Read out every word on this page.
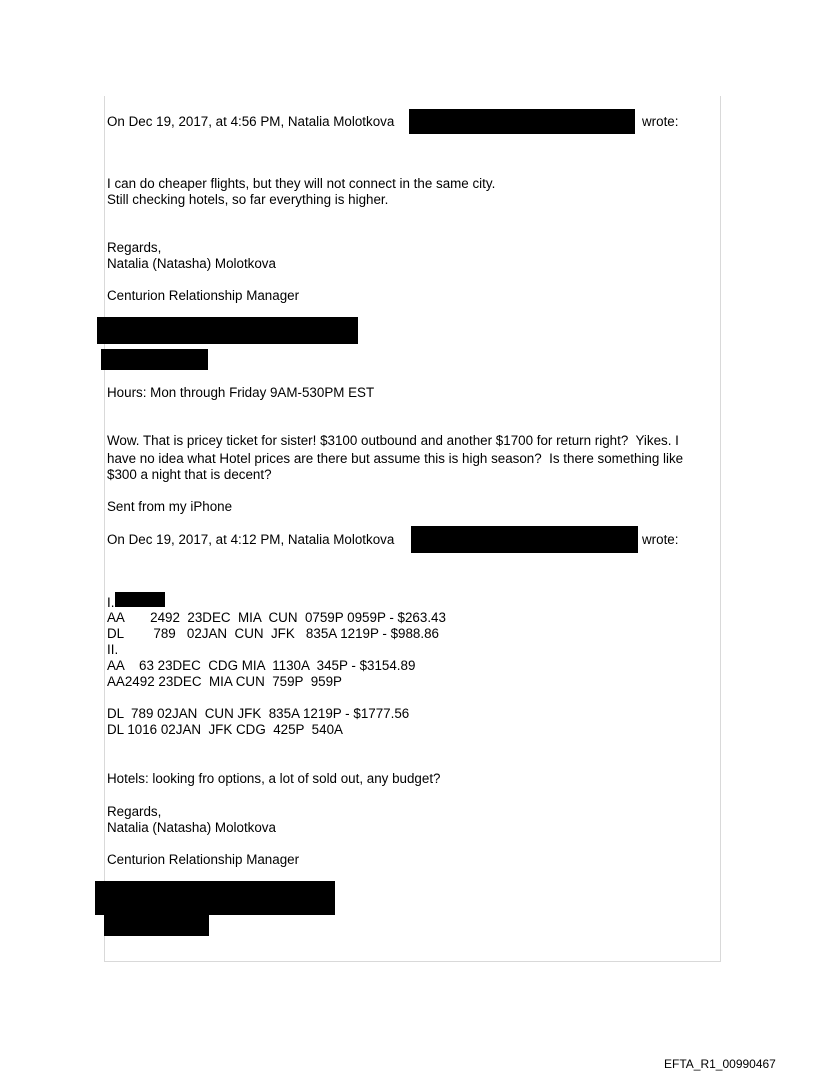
On Dec 19, 2017, at 4:56 PM, Natalia Molotkova	wrote:
I can do cheaper flights, but they will not connect in the same city.
Still checking hotels, so far everything is higher.
Regards,
Natalia (Natasha) Molotkova
Centurion Relationship Manager
Hours: Mon through Friday 9AM-530PM EST
Wow. That is pricey ticket for sister! $3100 outbound and another $1700 for return right?  Yikes. I
have no idea what Hotel prices are there but assume this is high season?  Is there something like
$300 a night that is decent?
Sent from my iPhone
On Dec 19, 2017, at 4:12 PM, Natalia Molotkova	wrote:
I.
AA       2492  23DEC  MIA  CUN  0759P 0959P - $263.43
DL        789   02JAN  CUN  JFK   835A 1219P - $988.86
II.
AA    63 23DEC  CDG MIA  1130A  345P - $3154.89
AA2492 23DEC  MIA CUN  759P  959P
DL  789 02JAN  CUN JFK  835A 1219P - $1777.56
DL 1016 02JAN  JFK CDG  425P  540A
Hotels: looking fro options, a lot of sold out, any budget?
Regards,
Natalia (Natasha) Molotkova
Centurion Relationship Manager
EFTA_R1_00990467
